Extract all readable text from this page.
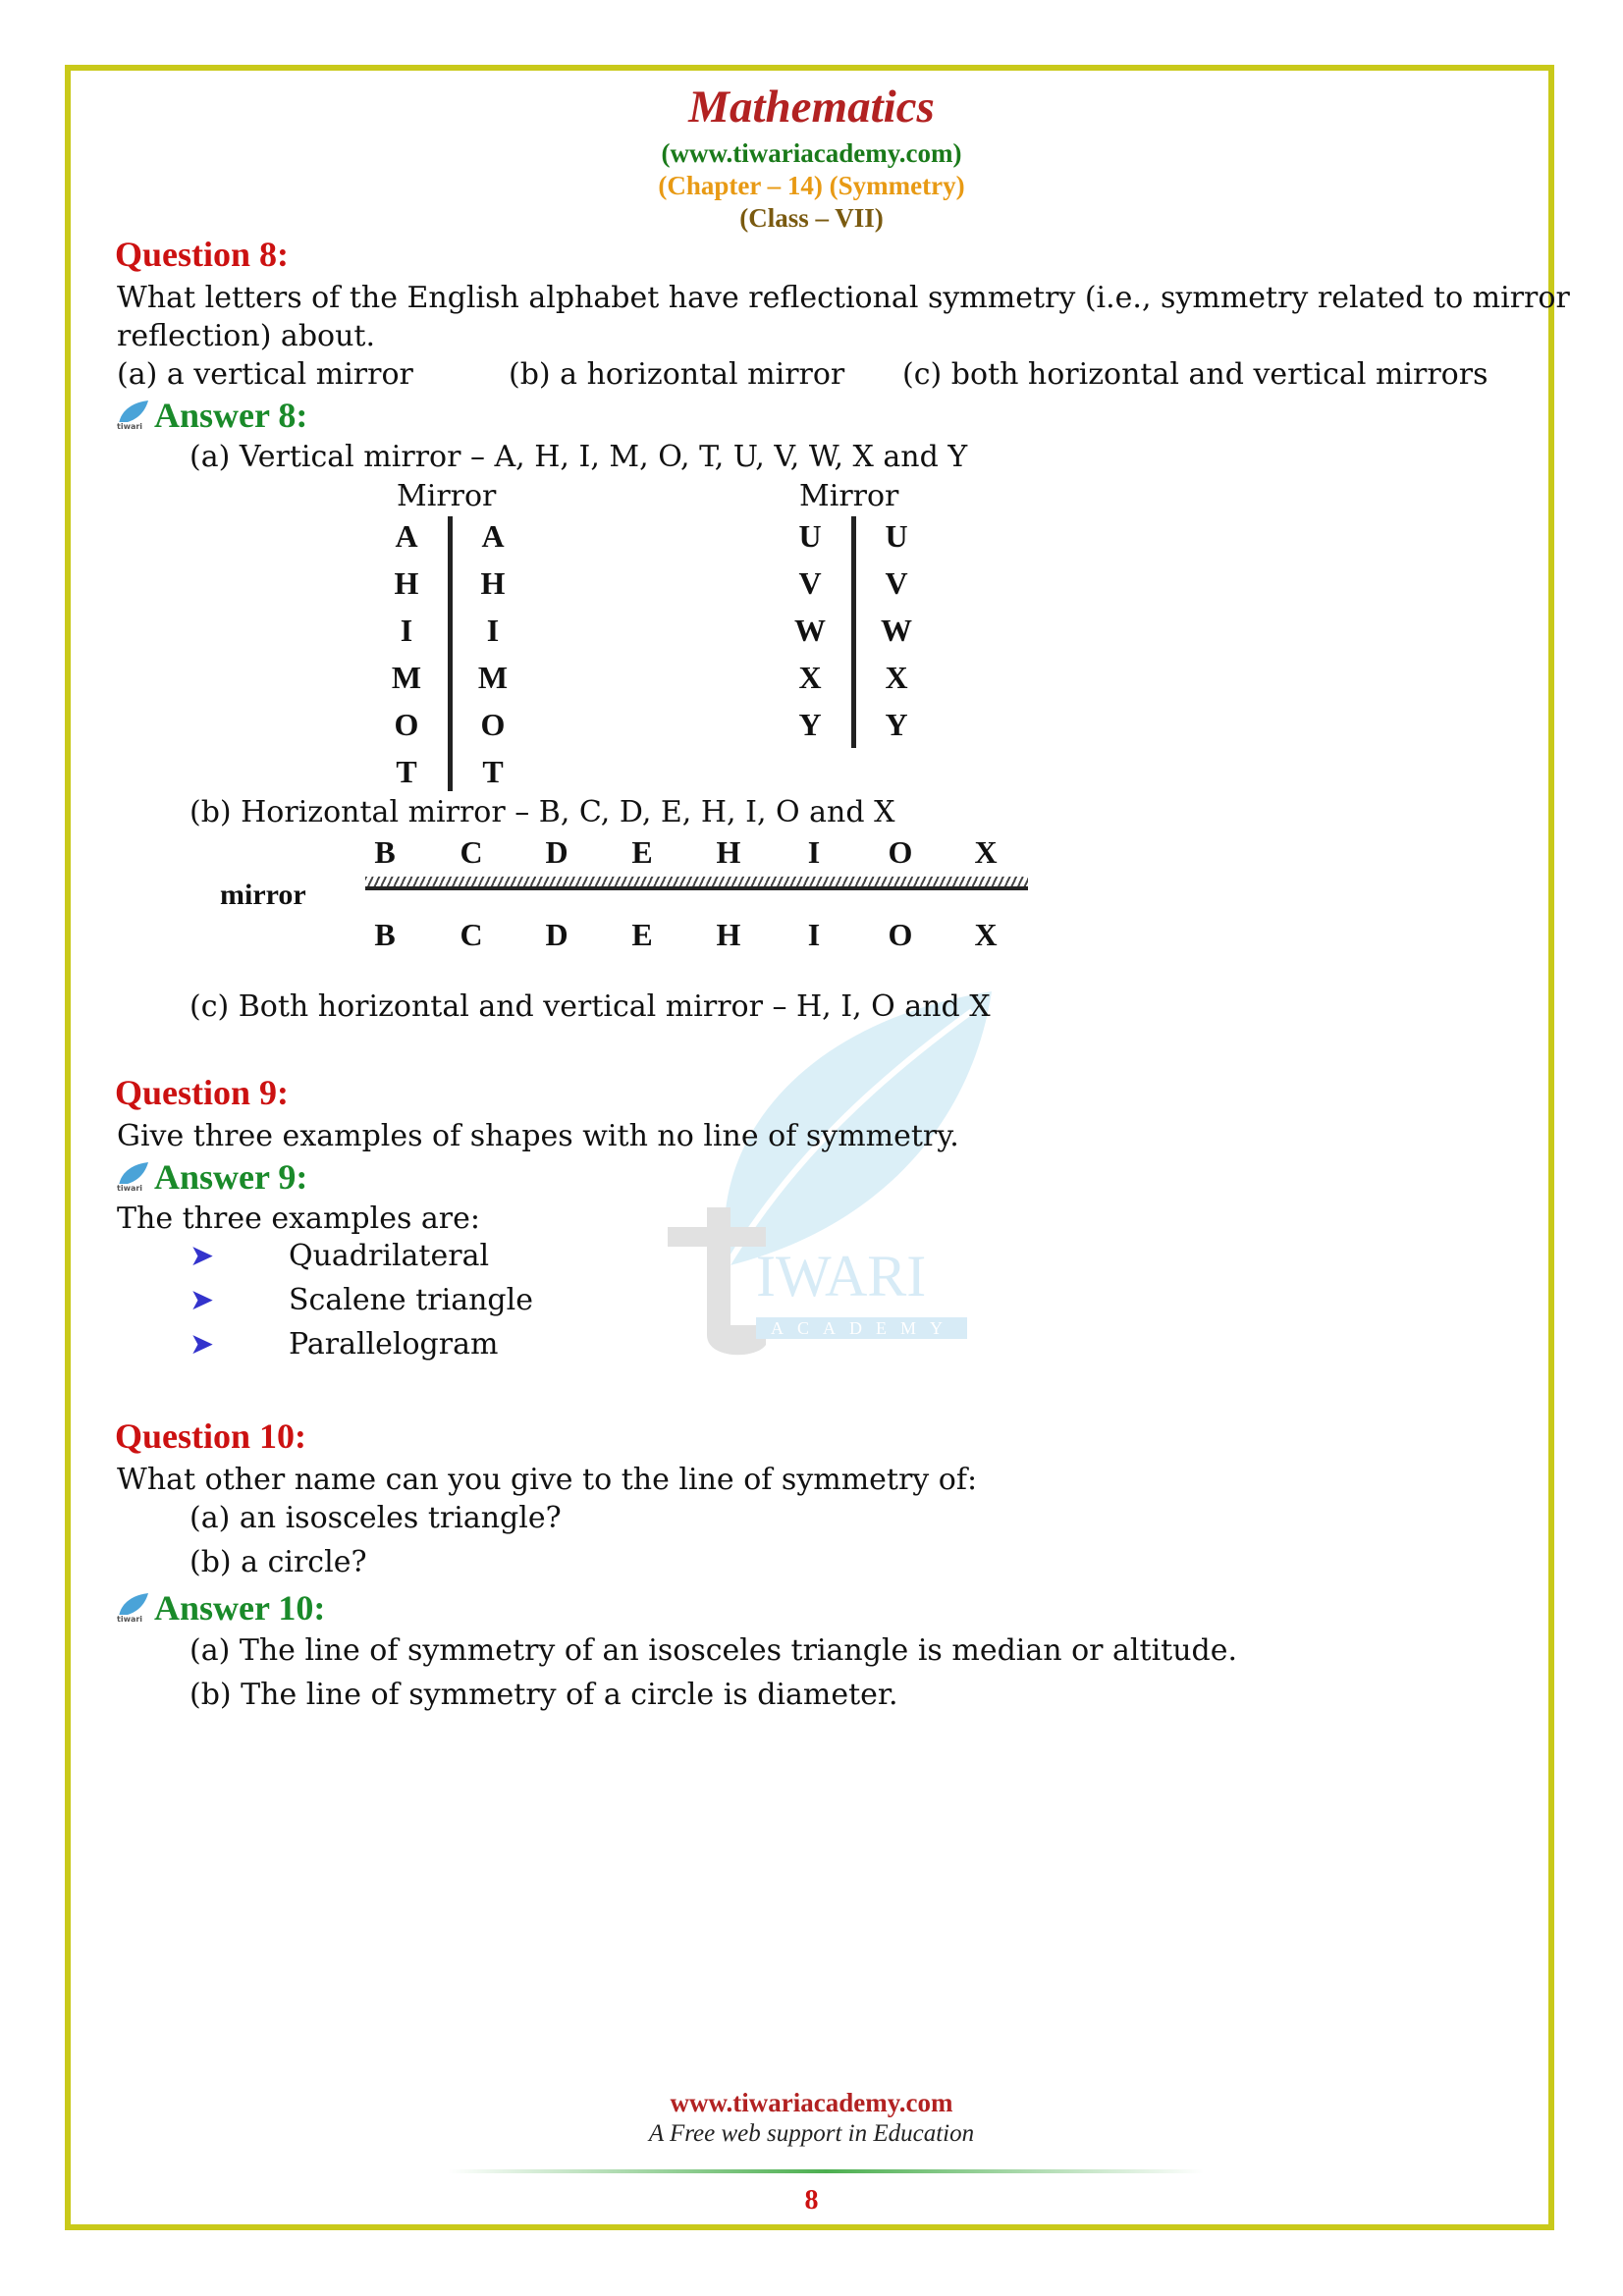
IWARI
ACADEMY
Mathematics
(www.tiwariacademy.com)
(Chapter – 14) (Symmetry)
(Class – VII)
Question 8:
What letters of the English alphabet have reflectional symmetry (i.e., symmetry related to mirror
reflection) about.
(a) a vertical mirror	(b) a horizontal mirror (c) both horizontal and vertical mirrors
tiwari Answer 8:
(a) Vertical mirror – A, H, I, M, O, T, U, V, W, X and Y
Mirror	Mirror
A A
H H
I	I
M M
O O
T T
U U
V V
W W
X X
Y Y
(b) Horizontal mirror – B, C, D, E, H, I, O and X
mirror
B C D E H	I	O X
B C D E H	I	O X
(c) Both horizontal and vertical mirror – H, I, O and X
Question 9:
Give three examples of shapes with no line of symmetry.
tiwari Answer 9:
The three examples are:
➤	Quadrilateral
➤	Scalene triangle
➤	Parallelogram
Question 10:
What other name can you give to the line of symmetry of:
(a) an isosceles triangle?
(b) a circle?
tiwari Answer 10:
(a) The line of symmetry of an isosceles triangle is median or altitude.
(b) The line of symmetry of a circle is diameter.
www.tiwariacademy.com
A Free web support in Education
8
